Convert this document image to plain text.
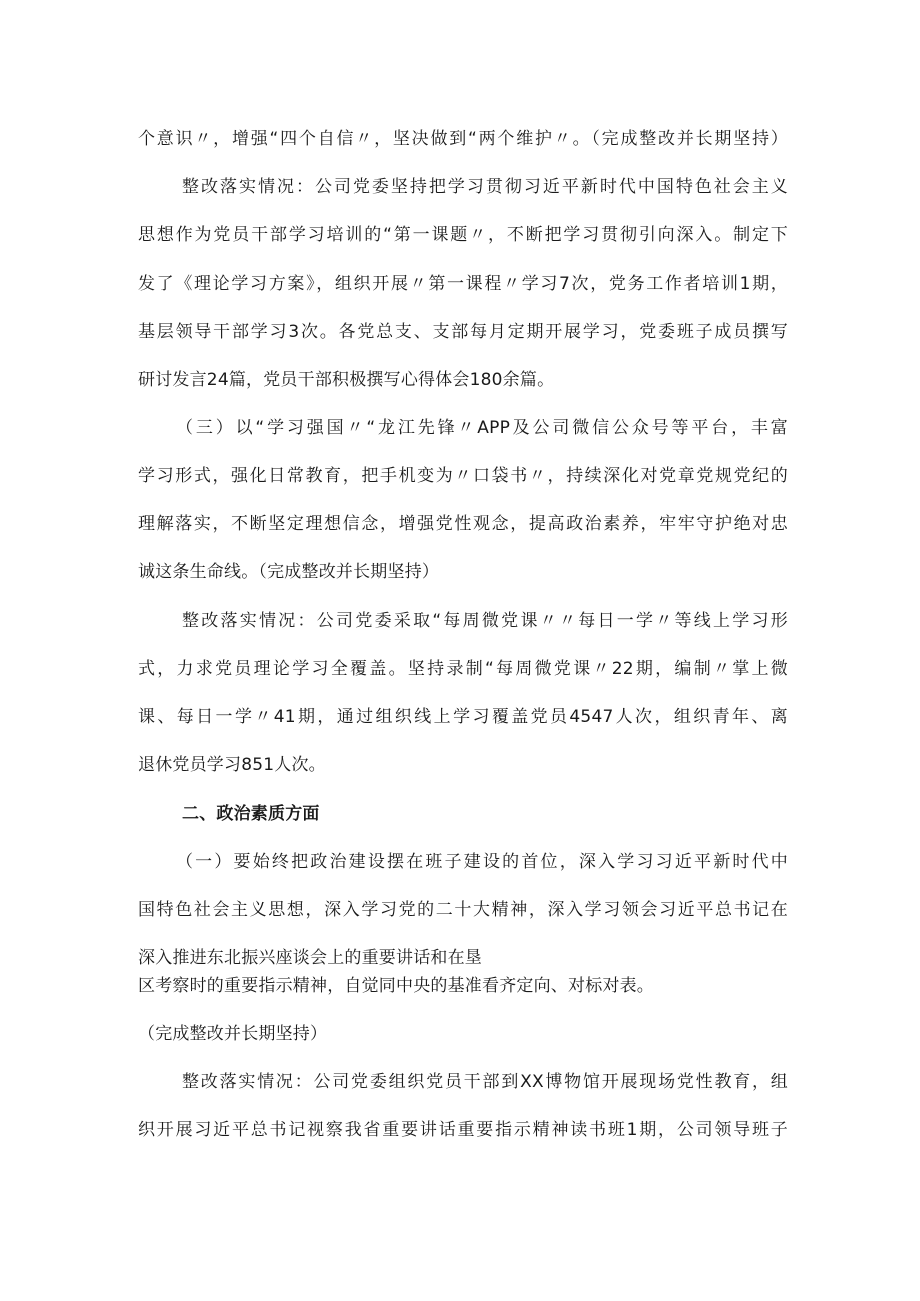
个意识〃，增强“四个自信〃，坚决做到“两个维护〃。（完成整改并长期坚持）
整改落实情况：公司党委坚持把学习贯彻习近平新时代中国特色社会主义
思想作为党员干部学习培训的“第一课题〃，不断把学习贯彻引向深入。制定下
发了《理论学习方案》，组织开展〃第一课程〃学习7次，党务工作者培训1期，
基层领导干部学习3次。各党总支、支部每月定期开展学习，党委班子成员撰写
研讨发言24篇，党员干部积极撰写心得体会180余篇。
（三）以“学习强国〃“龙江先锋〃APP及公司微信公众号等平台，丰富
学习形式，强化日常教育，把手机变为〃口袋书〃，持续深化对党章党规党纪的
理解落实，不断坚定理想信念，增强党性观念，提高政治素养，牢牢守护绝对忠
诚这条生命线。（完成整改并长期坚持）
整改落实情况：公司党委采取“每周微党课〃〃每日一学〃等线上学习形
式，力求党员理论学习全覆盖。坚持录制“每周微党课〃22期，编制〃掌上微
课、每日一学〃41期，通过组织线上学习覆盖党员4547人次，组织青年、离
退休党员学习851人次。
二、政治素质方面
（一）要始终把政治建设摆在班子建设的首位，深入学习习近平新时代中
国特色社会主义思想，深入学习党的二十大精神，深入学习领会习近平总书记在
深入推进东北振兴座谈会上的重要讲话和在垦
区考察时的重要指示精神，自觉同中央的基准看齐定向、对标对表。
（完成整改并长期坚持）
整改落实情况：公司党委组织党员干部到XX博物馆开展现场党性教育，组
织开展习近平总书记视察我省重要讲话重要指示精神读书班1期，公司领导班子
